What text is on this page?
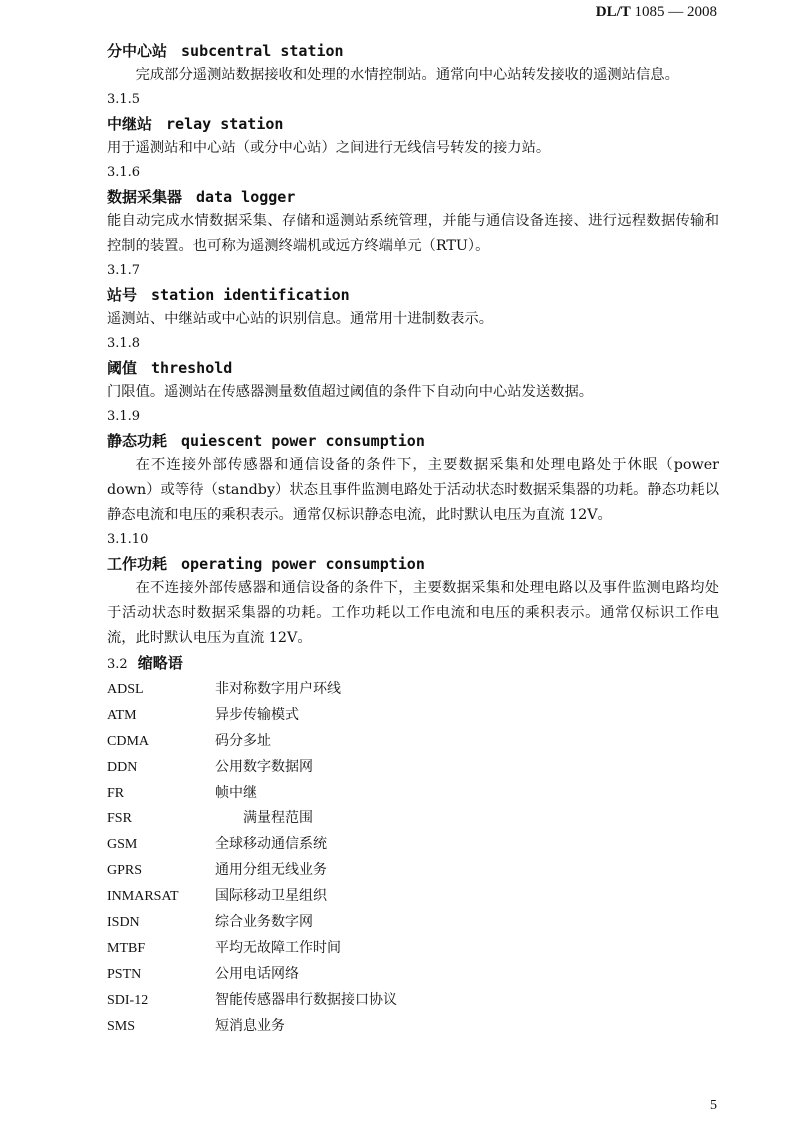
DL/T 1085 — 2008
分中心站 subcentral station
完成部分遥测站数据接收和处理的水情控制站。通常向中心站转发接收的遥测站信息。
3.1.5
中继站 relay station
用于遥测站和中心站（或分中心站）之间进行无线信号转发的接力站。
3.1.6
数据采集器 data logger
能自动完成水情数据采集、存储和遥测站系统管理，并能与通信设备连接、进行远程数据传输和控制的装置。也可称为遥测终端机或远方终端单元（RTU）。
3.1.7
站号 station identification
遥测站、中继站或中心站的识别信息。通常用十进制数表示。
3.1.8
阈值 threshold
门限值。遥测站在传感器测量数值超过阈值的条件下自动向中心站发送数据。
3.1.9
静态功耗 quiescent power consumption
在不连接外部传感器和通信设备的条件下，主要数据采集和处理电路处于休眠（power down）或等待（standby）状态且事件监测电路处于活动状态时数据采集器的功耗。静态功耗以静态电流和电压的乘积表示。通常仅标识静态电流，此时默认电压为直流 12V。
3.1.10
工作功耗 operating power consumption
在不连接外部传感器和通信设备的条件下，主要数据采集和处理电路以及事件监测电路均处于活动状态时数据采集器的功耗。工作功耗以工作电流和电压的乘积表示。通常仅标识工作电流，此时默认电压为直流 12V。
3.2 缩略语
ADSL	非对称数字用户环线
ATM	异步传输模式
CDMA	码分多址
DDN	公用数字数据网
FR	帧中继
FSR	满量程范围
GSM	全球移动通信系统
GPRS	通用分组无线业务
INMARSAT	国际移动卫星组织
ISDN	综合业务数字网
MTBF	平均无故障工作时间
PSTN	公用电话网络
SDI-12	智能传感器串行数据接口协议
SMS	短消息业务
5
